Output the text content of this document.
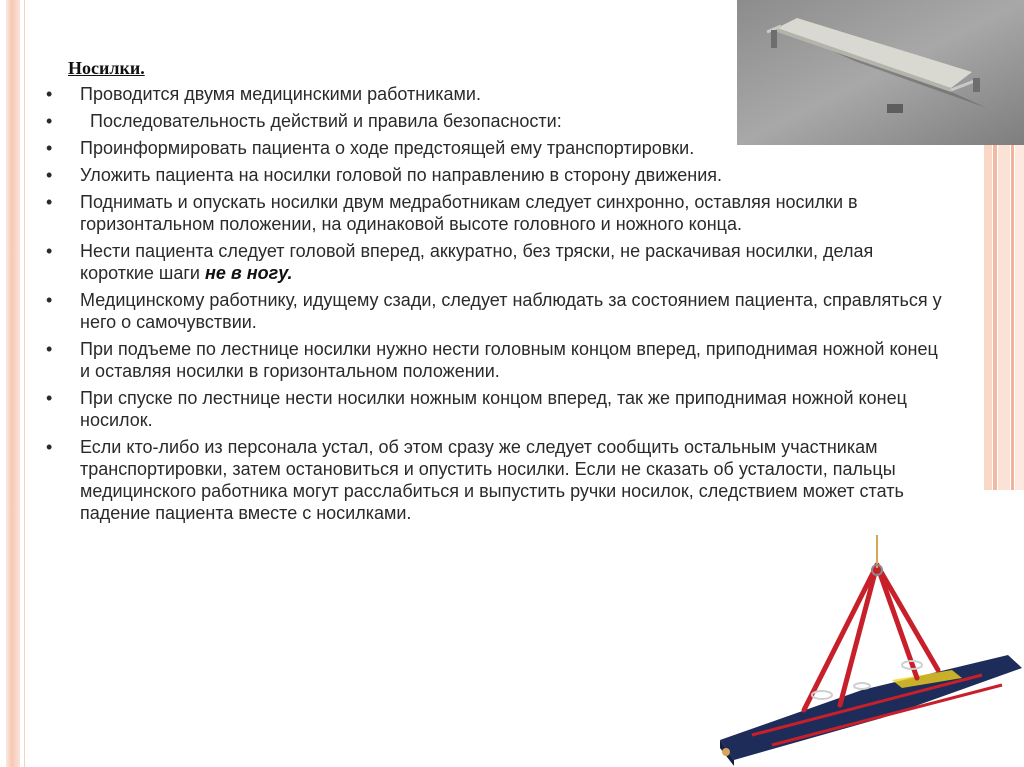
Носилки.
• Проводится двумя медицинскими работниками.
• Последовательность действий и правила безопасности:
• Проинформировать пациента о ходе предстоящей ему транспортировки.
• Уложить пациента на носилки головой по направлению в сторону движения.
• Поднимать и опускать носилки двум медработникам следует синхронно, оставляя носилки в горизонтальном положении, на одинаковой высоте головного и ножного конца.
• Нести пациента следует головой вперед, аккуратно, без тряски, не раскачивая носилки, делая короткие шаги не в ногу.
• Медицинскому работнику, идущему сзади, следует наблюдать за состоянием пациента, справляться у него о самочувствии.
• При подъеме по лестнице носилки нужно нести головным концом вперед, приподнимая ножной конец и оставляя носилки в горизонтальном положении.
• При спуске по лестнице нести носилки ножным концом вперед, так же приподнимая ножной конец носилок.
• Если кто-либо из персонала устал, об этом сразу же следует сообщить остальным участникам транспортировки, затем остановиться и опустить носилки. Если не сказать об усталости, пальцы медицинского работника могут расслабиться и выпустить ручки носилок, следствием может стать падение пациента вместе с носилками.
